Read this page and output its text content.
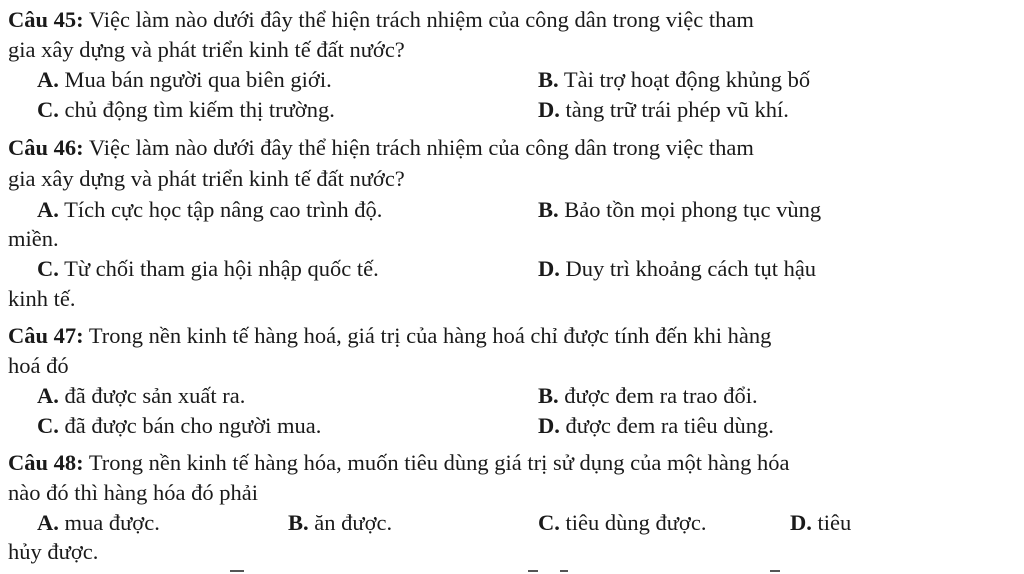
Câu 45: Việc làm nào dưới đây thể hiện trách nhiệm của công dân trong việc tham
gia xây dựng và phát triển kinh tế đất nước?
A. Mua bán người qua biên giới.	B. Tài trợ hoạt động khủng bố
C. chủ động tìm kiếm thị trường.	D. tàng trữ trái phép vũ khí.
Câu 46: Việc làm nào dưới đây thể hiện trách nhiệm của công dân trong việc tham
gia xây dựng và phát triển kinh tế đất nước?
A. Tích cực học tập nâng cao trình độ.	B. Bảo tồn mọi phong tục vùng
miền.
C. Từ chối tham gia hội nhập quốc tế.	D. Duy trì khoảng cách tụt hậu
kinh tế.
Câu 47: Trong nền kinh tế hàng hoá, giá trị của hàng hoá chỉ được tính đến khi hàng
hoá đó
A. đã được sản xuất ra.	B. được đem ra trao đổi.
C. đã được bán cho người mua.	D. được đem ra tiêu dùng.
Câu 48: Trong nền kinh tế hàng hóa, muốn tiêu dùng giá trị sử dụng của một hàng hóa
nào đó thì hàng hóa đó phải
A. mua được.	B. ăn được.	C. tiêu dùng được.	D. tiêu
hủy được.
